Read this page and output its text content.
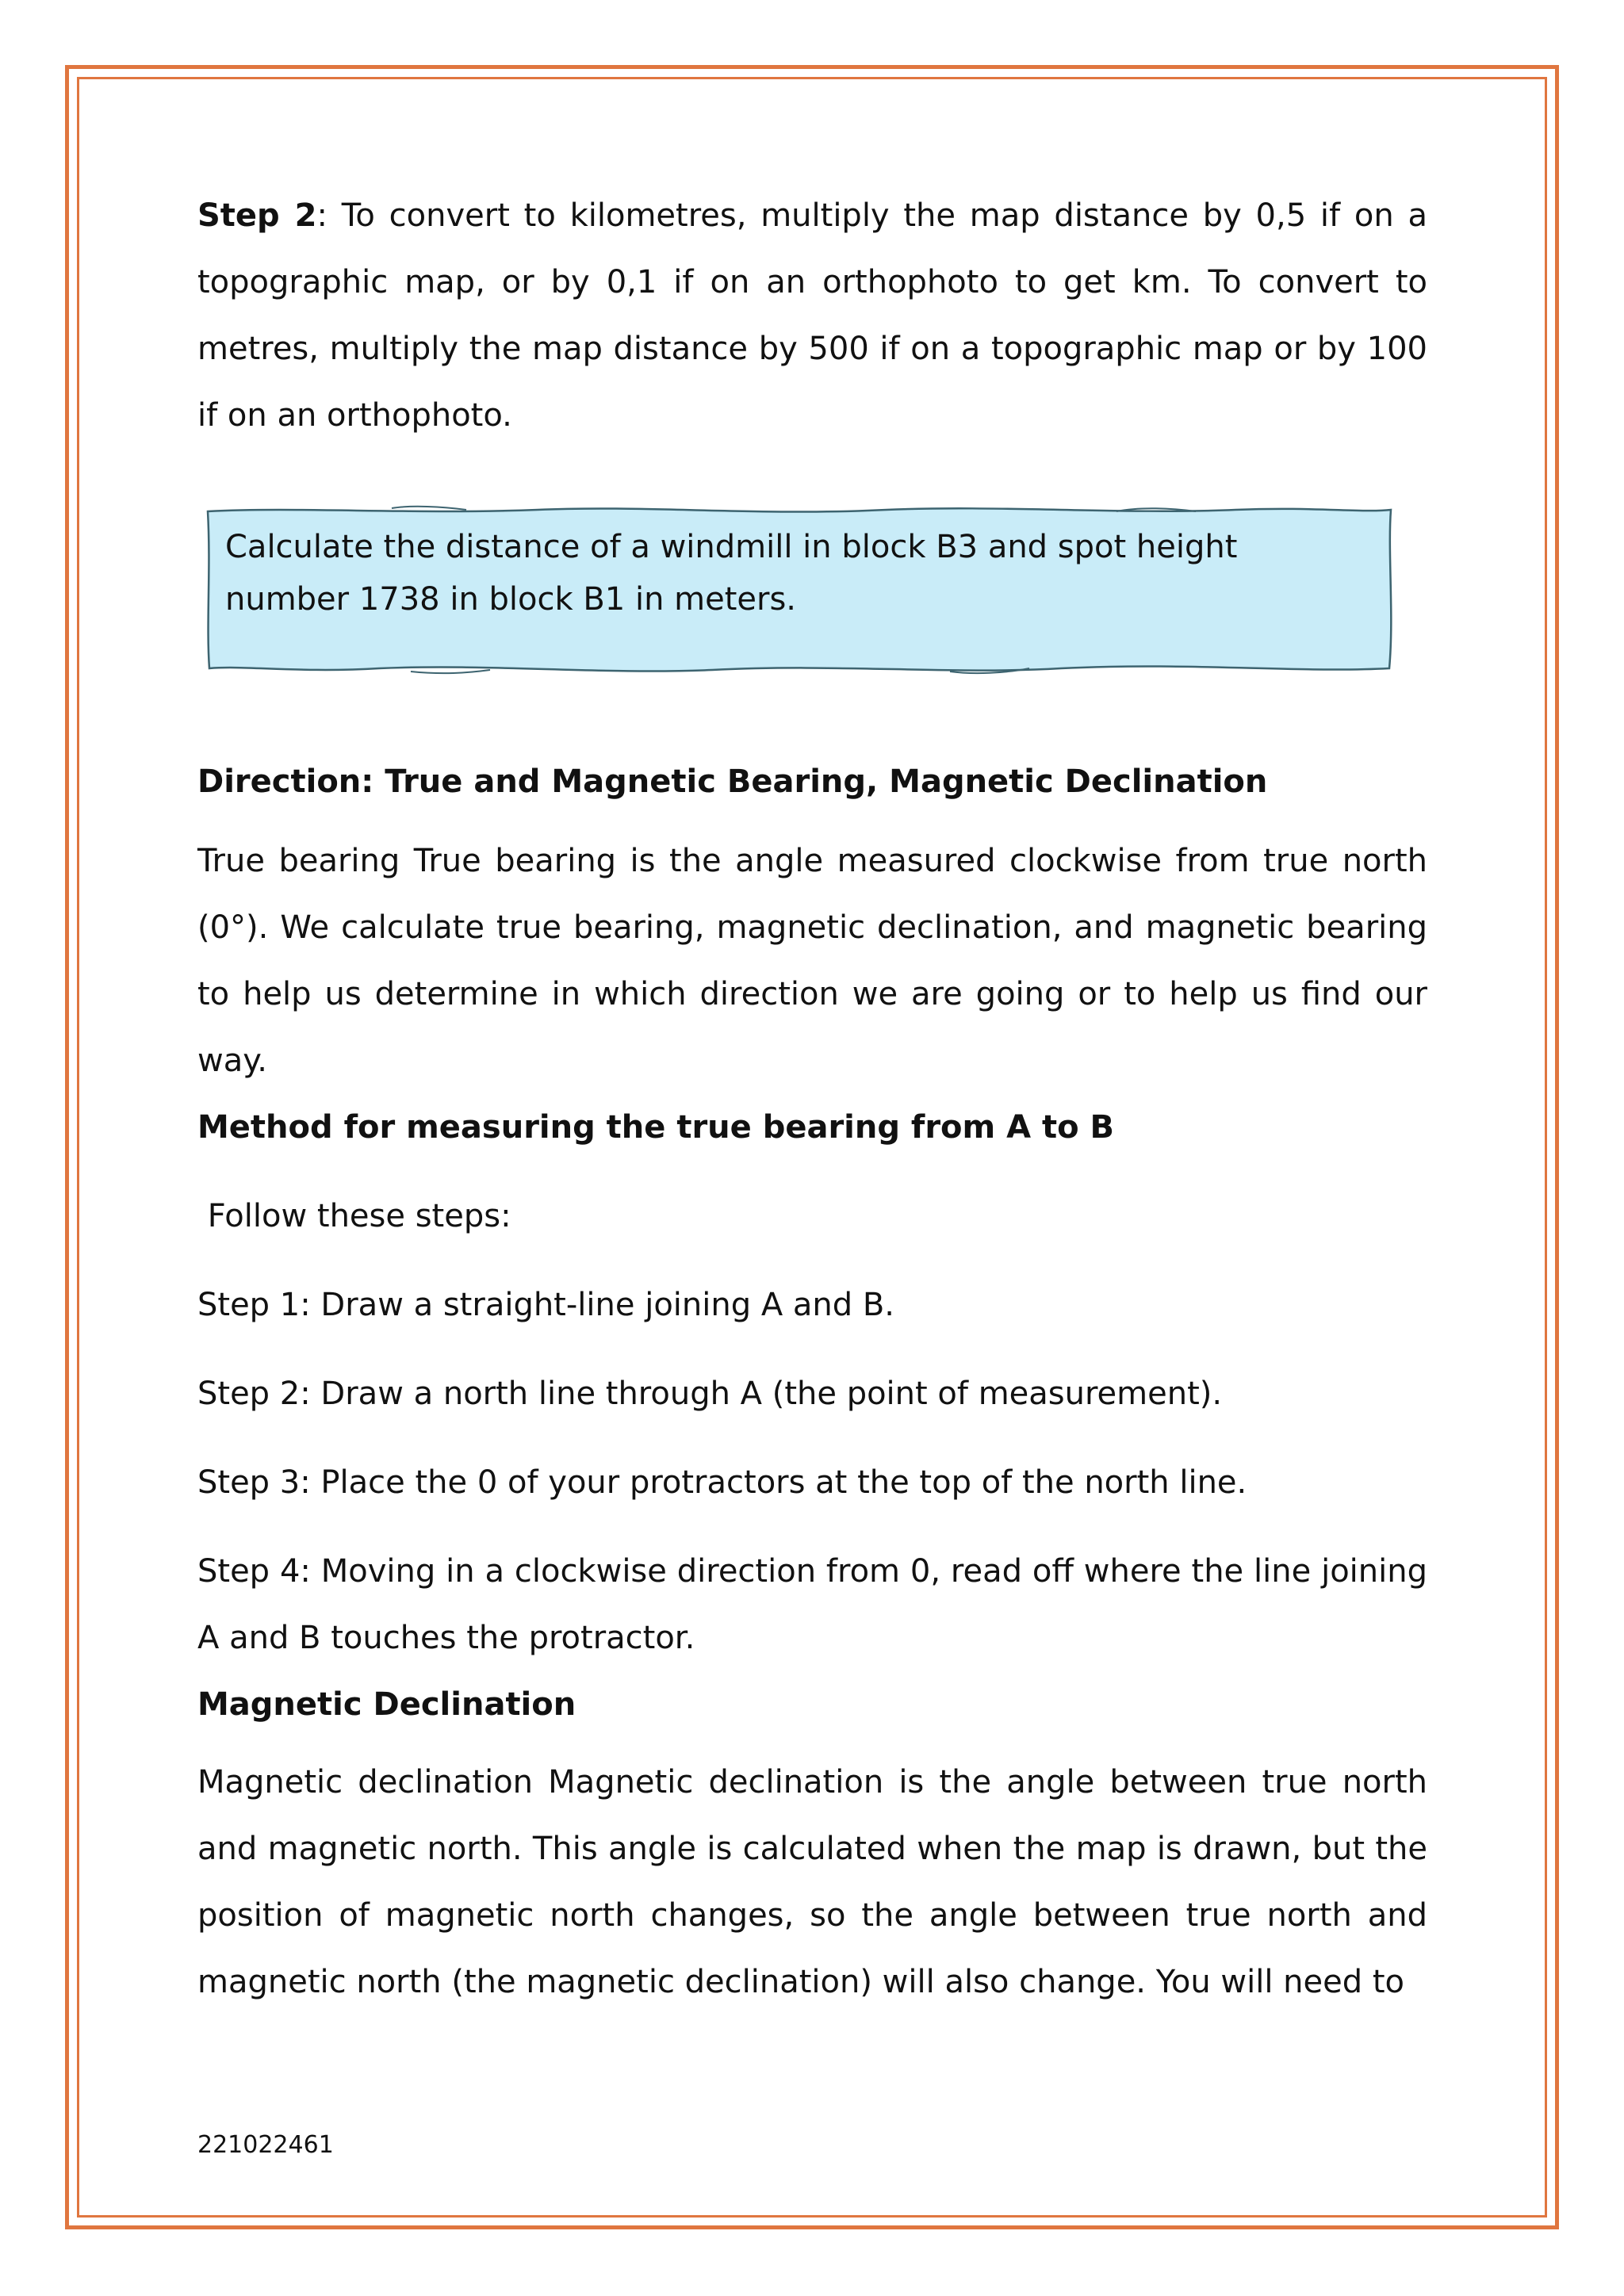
Step 2: To convert to kilometres, multiply the map distance by 0,5 if on a topographic map, or by 0,1 if on an orthophoto to get km. To convert to metres, multiply the map distance by 500 if on a topographic map or by 100 if on an orthophoto.

Direction: True and Magnetic Bearing, Magnetic Declination

True bearing True bearing is the angle measured clockwise from true north (0°). We calculate true bearing, magnetic declination, and magnetic bearing to help us determine in which direction we are going or to help us find our way.

Method for measuring the true bearing from A to B

Follow these steps:

Step 1: Draw a straight-line joining A and B.

Step 2: Draw a north line through A (the point of measurement).

Step 3: Place the 0 of your protractors at the top of the north line.

Step 4: Moving in a clockwise direction from 0, read off where the line joining A and B touches the protractor.

Magnetic Declination

Magnetic declination Magnetic declination is the angle between true north and magnetic north. This angle is calculated when the map is drawn, but the position of magnetic north changes, so the angle between true north and magnetic north (the magnetic declination) will also change. You will need to

Calculate the distance of a windmill in block B3 and spot height number 1738 in block B1 in meters.
221022461
